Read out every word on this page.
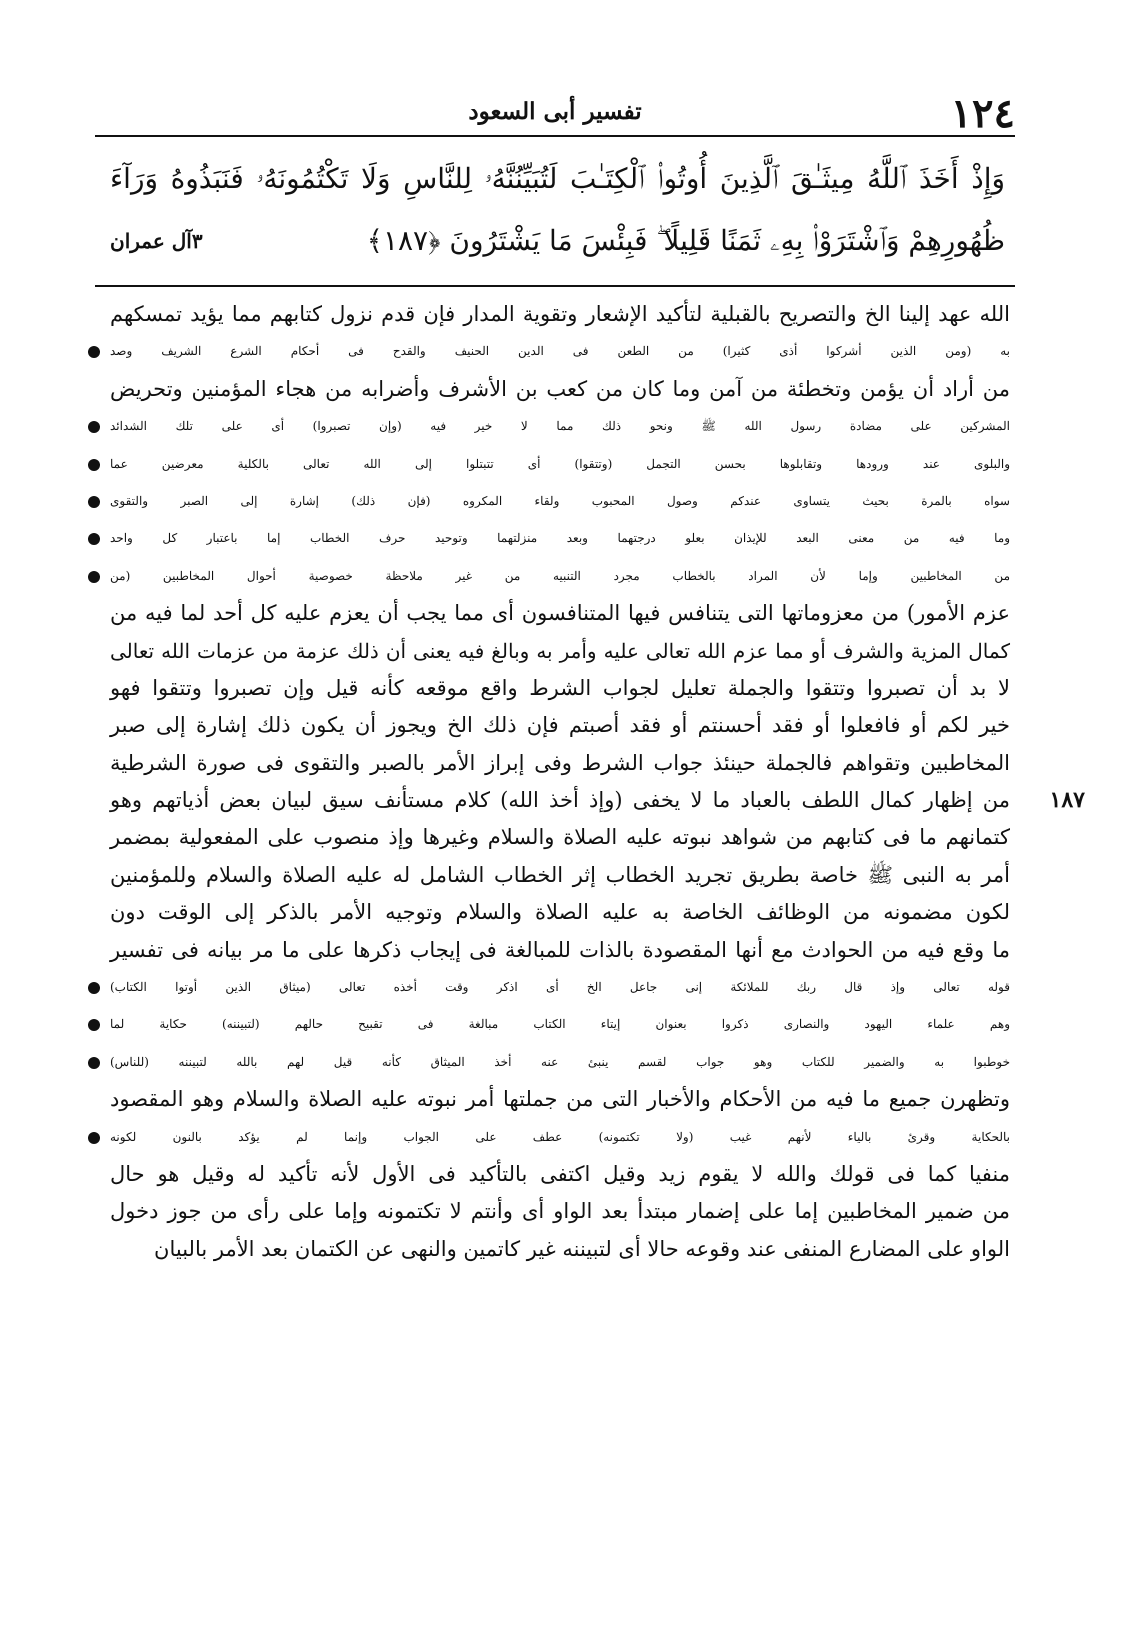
١٢٤
تفسير أبى السعود
وَإِذْ أَخَذَ ٱللَّهُ مِيثَـٰقَ ٱلَّذِينَ أُوتُوا۟ ٱلْكِتَـٰبَ لَتُبَيِّنُنَّهُۥ لِلنَّاسِ وَلَا تَكْتُمُونَهُۥ فَنَبَذُوهُ وَرَآءَ
ظُهُورِهِمْ وَٱشْتَرَوْا۟ بِهِۦ ثَمَنًا قَلِيلًا ۖ فَبِئْسَ مَا يَشْتَرُونَ ﴿١٨٧﴾
٣آل عمران
الله عهد إلينا الخ والتصريح بالقبلية لتأكيد الإشعار وتقوية المدار فإن قدم نزول كتابهم مما يؤيد تمسكهم
به (ومن الذين أشركوا أذى كثيرا) من الطعن فى الدين الحنيف والقدح فى أحكام الشرع الشريف وصد
من أراد أن يؤمن وتخطئة من آمن وما كان من كعب بن الأشرف وأضرابه من هجاء المؤمنين وتحريض
المشركين على مضادة رسول الله ﷺ ونحو ذلك مما لا خير فيه (وإن تصبروا) أى على تلك الشدائد
والبلوى عند ورودها وتقابلوها بحسن التجمل (وتتقوا) أى تتبتلوا إلى الله تعالى بالكلية معرضين عما
سواه بالمرة بحيث يتساوى عندكم وصول المحبوب ولقاء المكروه (فإن ذلك) إشارة إلى الصبر والتقوى
وما فيه من معنى البعد للإيذان بعلو درجتهما وبعد منزلتهما وتوحيد حرف الخطاب إما باعتبار كل واحد
من المخاطبين وإما لأن المراد بالخطاب مجرد التنبيه من غير ملاحظة خصوصية أحوال المخاطبين (من
عزم الأمور) من معزوماتها التى يتنافس فيها المتنافسون أى مما يجب أن يعزم عليه كل أحد لما فيه من
كمال المزية والشرف أو مما عزم الله تعالى عليه وأمر به وبالغ فيه يعنى أن ذلك عزمة من عزمات الله تعالى
لا بد أن تصبروا وتتقوا والجملة تعليل لجواب الشرط واقع موقعه كأنه قيل وإن تصبروا وتتقوا فهو
خير لكم أو فافعلوا أو فقد أحسنتم أو فقد أصبتم فإن ذلك الخ ويجوز أن يكون ذلك إشارة إلى صبر
المخاطبين وتقواهم فالجملة حينئذ جواب الشرط وفى إبراز الأمر بالصبر والتقوى فى صورة الشرطية
١٨٧
من إظهار كمال اللطف بالعباد ما لا يخفى (وإذ أخذ الله) كلام مستأنف سيق لبيان بعض أذياتهم وهو
كتمانهم ما فى كتابهم من شواهد نبوته عليه الصلاة والسلام وغيرها وإذ منصوب على المفعولية بمضمر
أمر به النبى ﷺ خاصة بطريق تجريد الخطاب إثر الخطاب الشامل له عليه الصلاة والسلام وللمؤمنين
لكون مضمونه من الوظائف الخاصة به عليه الصلاة والسلام وتوجيه الأمر بالذكر إلى الوقت دون
ما وقع فيه من الحوادث مع أنها المقصودة بالذات للمبالغة فى إيجاب ذكرها على ما مر بيانه فى تفسير
قوله تعالى وإذ قال ربك للملائكة إنى جاعل الخ أى اذكر وقت أخذه تعالى (ميثاق الذين أوتوا الكتاب)
وهم علماء اليهود والنصارى ذكروا بعنوان إيتاء الكتاب مبالغة فى تقبيح حالهم (لتبيننه) حكاية لما
خوطبوا به والضمير للكتاب وهو جواب لقسم ينبئ عنه أخذ الميثاق كأنه قيل لهم بالله لتبيننه (للناس)
وتظهرن جميع ما فيه من الأحكام والأخبار التى من جملتها أمر نبوته عليه الصلاة والسلام وهو المقصود
بالحكاية وقرئ بالياء لأنهم غيب (ولا تكتمونه) عطف على الجواب وإنما لم يؤكد بالنون لكونه
منفيا كما فى قولك والله لا يقوم زيد وقيل اكتفى بالتأكيد فى الأول لأنه تأكيد له وقيل هو حال
من ضمير المخاطبين إما على إضمار مبتدأ بعد الواو أى وأنتم لا تكتمونه وإما على رأى من جوز دخول
الواو على المضارع المنفى عند وقوعه حالا أى لتبيننه غير كاتمين والنهى عن الكتمان بعد الأمر بالبيان
